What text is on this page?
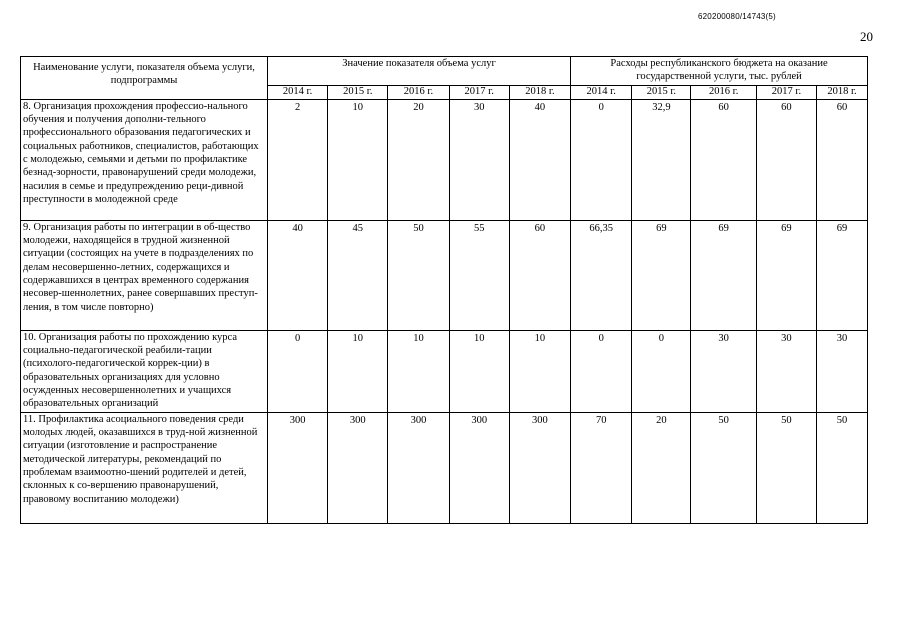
620200080/14743(5)
20
Наименование услуги, показателя объема услуги, подпрограммы	Значение показателя объема услуг					Расходы республиканского бюджета на оказание государственной услуги, тыс. рублей				
	2014 г.	2015 г.	2016 г.	2017 г.	2018 г.	2014 г.	2015 г.	2016 г.	2017 г.	2018 г.
8. Организация прохождения профессио-нального обучения и получения дополни-тельного профессионального образования педагогических и социальных работников, специалистов, работающих с молодежью, семьями и детьми по профилактике безнад-зорности, правонарушений среди молодежи, насилия в семье и предупреждению реци-дивной преступности в молодежной среде	2	10	20	30	40	0	32,9	60	60	60
9. Организация работы по интеграции в об-щество молодежи, находящейся в трудной жизненной ситуации (состоящих на учете в подразделениях по делам несовершенно-летних, содержащихся и содержавшихся в центрах временного содержания несовер-шеннолетних, ранее совершавших преступ-ления, в том числе повторно)	40	45	50	55	60	66,35	69	69	69	69
10. Организация работы по прохождению курса социально-педагогической реабили-тации (психолого-педагогической коррек-ции) в образовательных организациях для условно осужденных несовершеннолетних и учащихся образовательных организаций	0	10	10	10	10	0	0	30	30	30
11. Профилактика асоциального поведения среди молодых людей, оказавшихся в труд-ной жизненной ситуации (изготовление и распространение методической литературы, рекомендаций по проблемам взаимоотно-шений родителей и детей, склонных к со-вершению правонарушений, правовому воспитанию молодежи)	300	300	300	300	300	70	20	50	50	50
